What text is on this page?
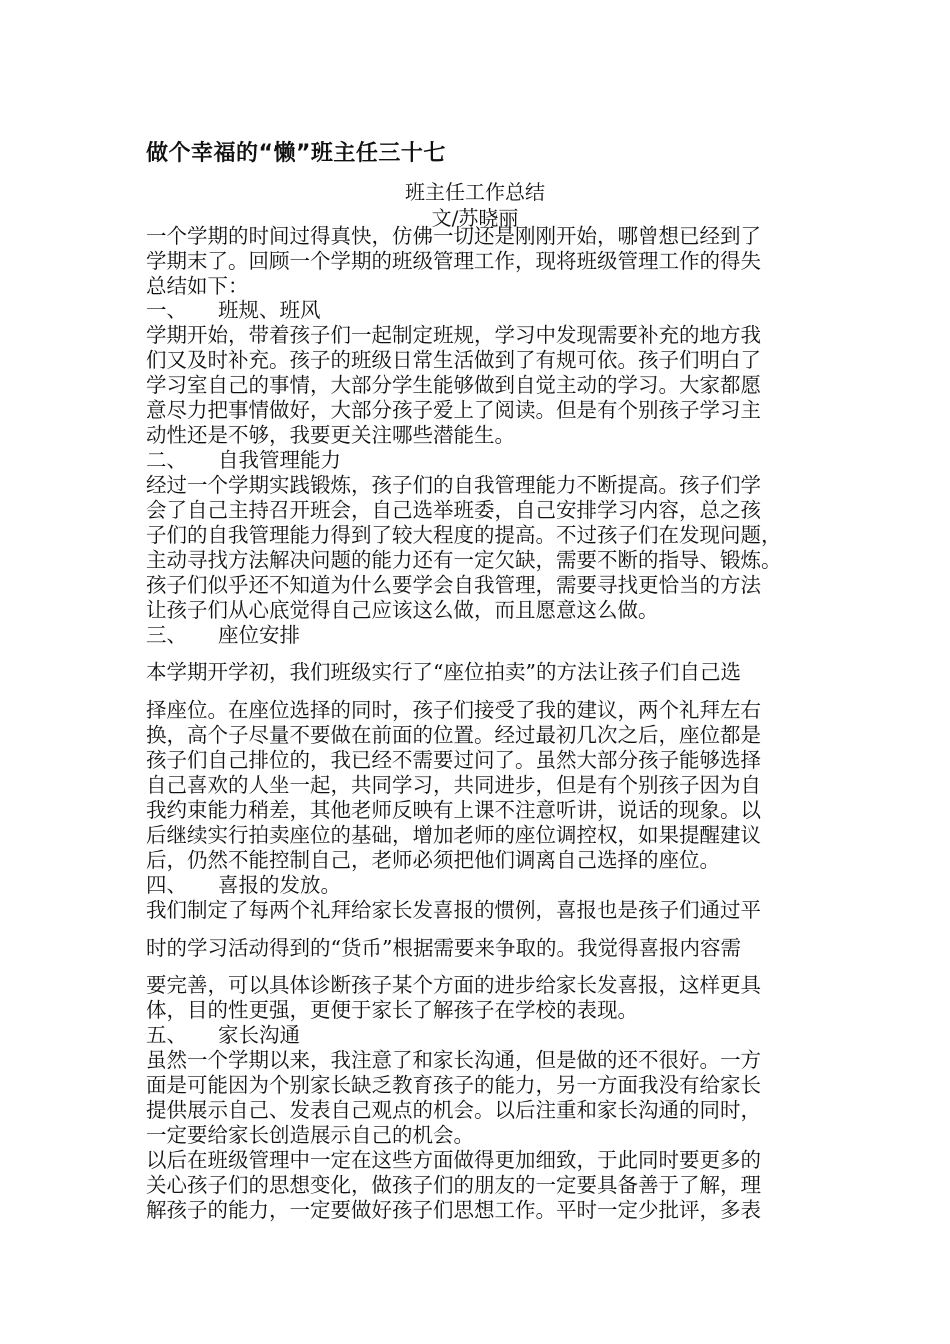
做个幸福的“懒”班主任三十七
班主任工作总结
文/苏晓丽
一个学期的时间过得真快，仿佛一切还是刚刚开始，哪曾想已经到了
学期末了。回顾一个学期的班级管理工作，现将班级管理工作的得失
总结如下：
一、 班规、班风
学期开始，带着孩子们一起制定班规，学习中发现需要补充的地方我
们又及时补充。孩子的班级日常生活做到了有规可依。孩子们明白了
学习室自己的事情，大部分学生能够做到自觉主动的学习。大家都愿
意尽力把事情做好，大部分孩子爱上了阅读。但是有个别孩子学习主
动性还是不够，我要更关注哪些潜能生。
二、 自我管理能力
经过一个学期实践锻炼，孩子们的自我管理能力不断提高。孩子们学
会了自己主持召开班会，自己选举班委，自己安排学习内容，总之孩
子们的自我管理能力得到了较大程度的提高。不过孩子们在发现问题，
主动寻找方法解决问题的能力还有一定欠缺，需要不断的指导、锻炼。
孩子们似乎还不知道为什么要学会自我管理，需要寻找更恰当的方法
让孩子们从心底觉得自己应该这么做，而且愿意这么做。
三、 座位安排
本学期开学初，我们班级实行了“座位拍卖”的方法让孩子们自己选
择座位。在座位选择的同时，孩子们接受了我的建议，两个礼拜左右
换，高个子尽量不要做在前面的位置。经过最初几次之后，座位都是
孩子们自己排位的，我已经不需要过问了。虽然大部分孩子能够选择
自己喜欢的人坐一起，共同学习，共同进步，但是有个别孩子因为自
我约束能力稍差，其他老师反映有上课不注意听讲，说话的现象。以
后继续实行拍卖座位的基础，增加老师的座位调控权，如果提醒建议
后，仍然不能控制自己，老师必须把他们调离自己选择的座位。
四、 喜报的发放。
我们制定了每两个礼拜给家长发喜报的惯例，喜报也是孩子们通过平
时的学习活动得到的“货币”根据需要来争取的。我觉得喜报内容需
要完善，可以具体诊断孩子某个方面的进步给家长发喜报，这样更具
体，目的性更强，更便于家长了解孩子在学校的表现。
五、 家长沟通
虽然一个学期以来，我注意了和家长沟通，但是做的还不很好。一方
面是可能因为个别家长缺乏教育孩子的能力，另一方面我没有给家长
提供展示自己、发表自己观点的机会。以后注重和家长沟通的同时，
一定要给家长创造展示自己的机会。
以后在班级管理中一定在这些方面做得更加细致，于此同时要更多的
关心孩子们的思想变化，做孩子们的朋友的一定要具备善于了解，理
解孩子的能力，一定要做好孩子们思想工作。平时一定少批评，多表
